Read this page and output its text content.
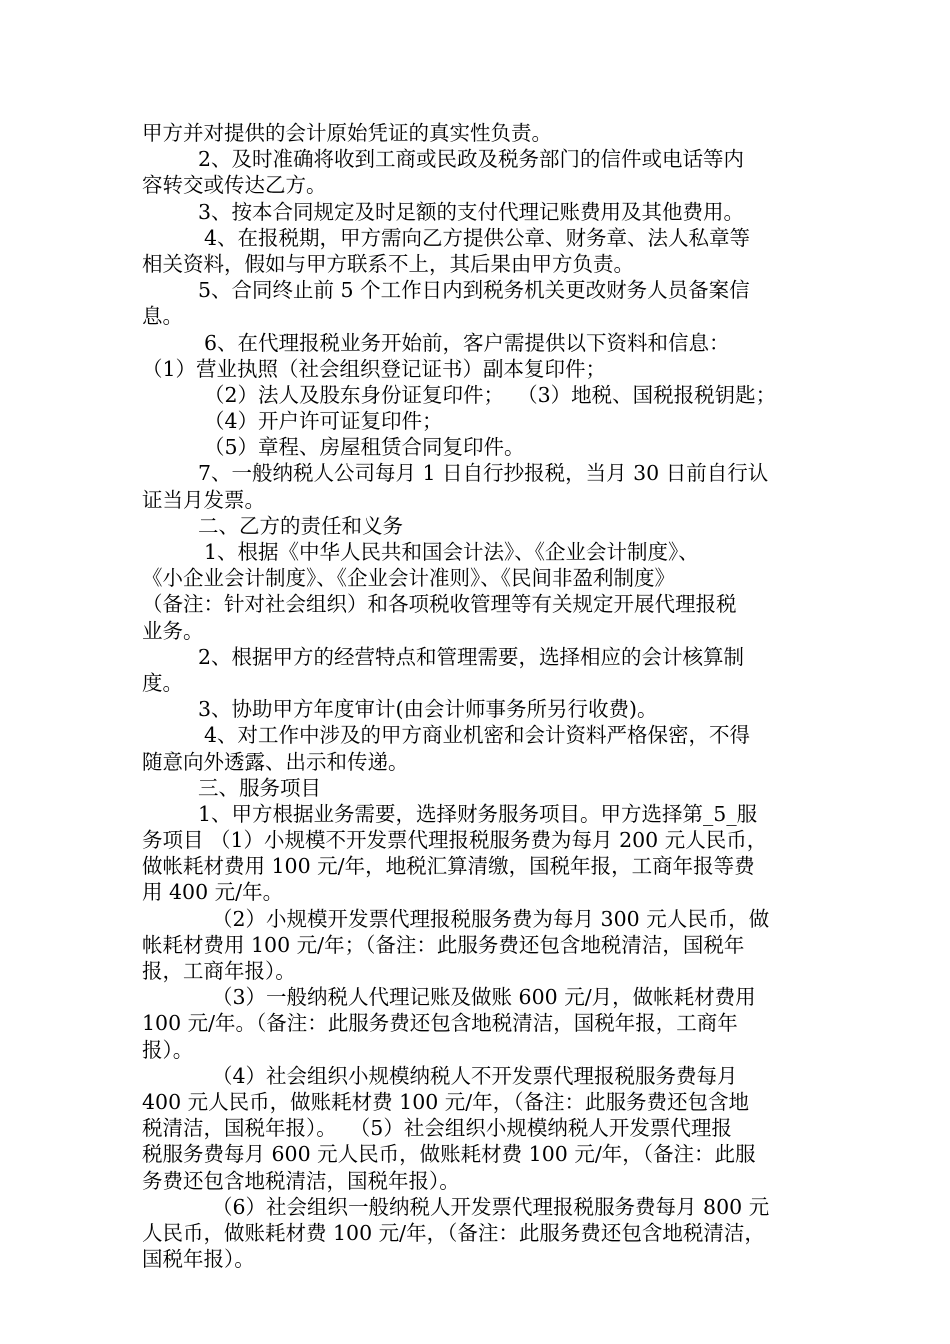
甲方并对提供的会计原始凭证的真实性负责。
2、及时准确将收到工商或民政及税务部门的信件或电话等内
容转交或传达乙方。
3、按本合同规定及时足额的支付代理记账费用及其他费用。
4、在报税期，甲方需向乙方提供公章、财务章、法人私章等
相关资料，假如与甲方联系不上，其后果由甲方负责。
5、合同终止前 5 个工作日内到税务机关更改财务人员备案信
息。
6、在代理报税业务开始前，客户需提供以下资料和信息：
（1）营业执照（社会组织登记证书）副本复印件；
（2）法人及股东身份证复印件；  （3）地税、国税报税钥匙；
（4）开户许可证复印件；
（5）章程、房屋租赁合同复印件。
7、一般纳税人公司每月 1 日自行抄报税，当月 30 日前自行认
证当月发票。
二、乙方的责任和义务
1、根据《中华人民共和国会计法》、《企业会计制度》、
《小企业会计制度》、《企业会计准则》、《民间非盈利制度》
（备注：针对社会组织）和各项税收管理等有关规定开展代理报税
业务。
2、根据甲方的经营特点和管理需要，选择相应的会计核算制
度。
3、协助甲方年度审计(由会计师事务所另行收费)。
4、对工作中涉及的甲方商业机密和会计资料严格保密，不得
随意向外透露、出示和传递。
三、服务项目
1、甲方根据业务需要，选择财务服务项目。甲方选择第_5_服
务项目 （1）小规模不开发票代理报税服务费为每月 200 元人民币，
做帐耗材费用 100 元/年，地税汇算清缴，国税年报，工商年报等费
用 400 元/年。
（2）小规模开发票代理报税服务费为每月 300 元人民币，做
帐耗材费用 100 元/年；（备注：此服务费还包含地税清洁，国税年
报，工商年报）。
（3）一般纳税人代理记账及做账 600 元/月，做帐耗材费用
100 元/年。（备注：此服务费还包含地税清洁，国税年报，工商年
报）。
（4）社会组织小规模纳税人不开发票代理报税服务费每月
400 元人民币，做账耗材费 100 元/年，（备注：此服务费还包含地
税清洁，国税年报）。  （5）社会组织小规模纳税人开发票代理报
税服务费每月 600 元人民币，做账耗材费 100 元/年，（备注：此服
务费还包含地税清洁，国税年报）。
（6）社会组织一般纳税人开发票代理报税服务费每月 800 元
人民币，做账耗材费 100 元/年，（备注：此服务费还包含地税清洁，
国税年报）。
